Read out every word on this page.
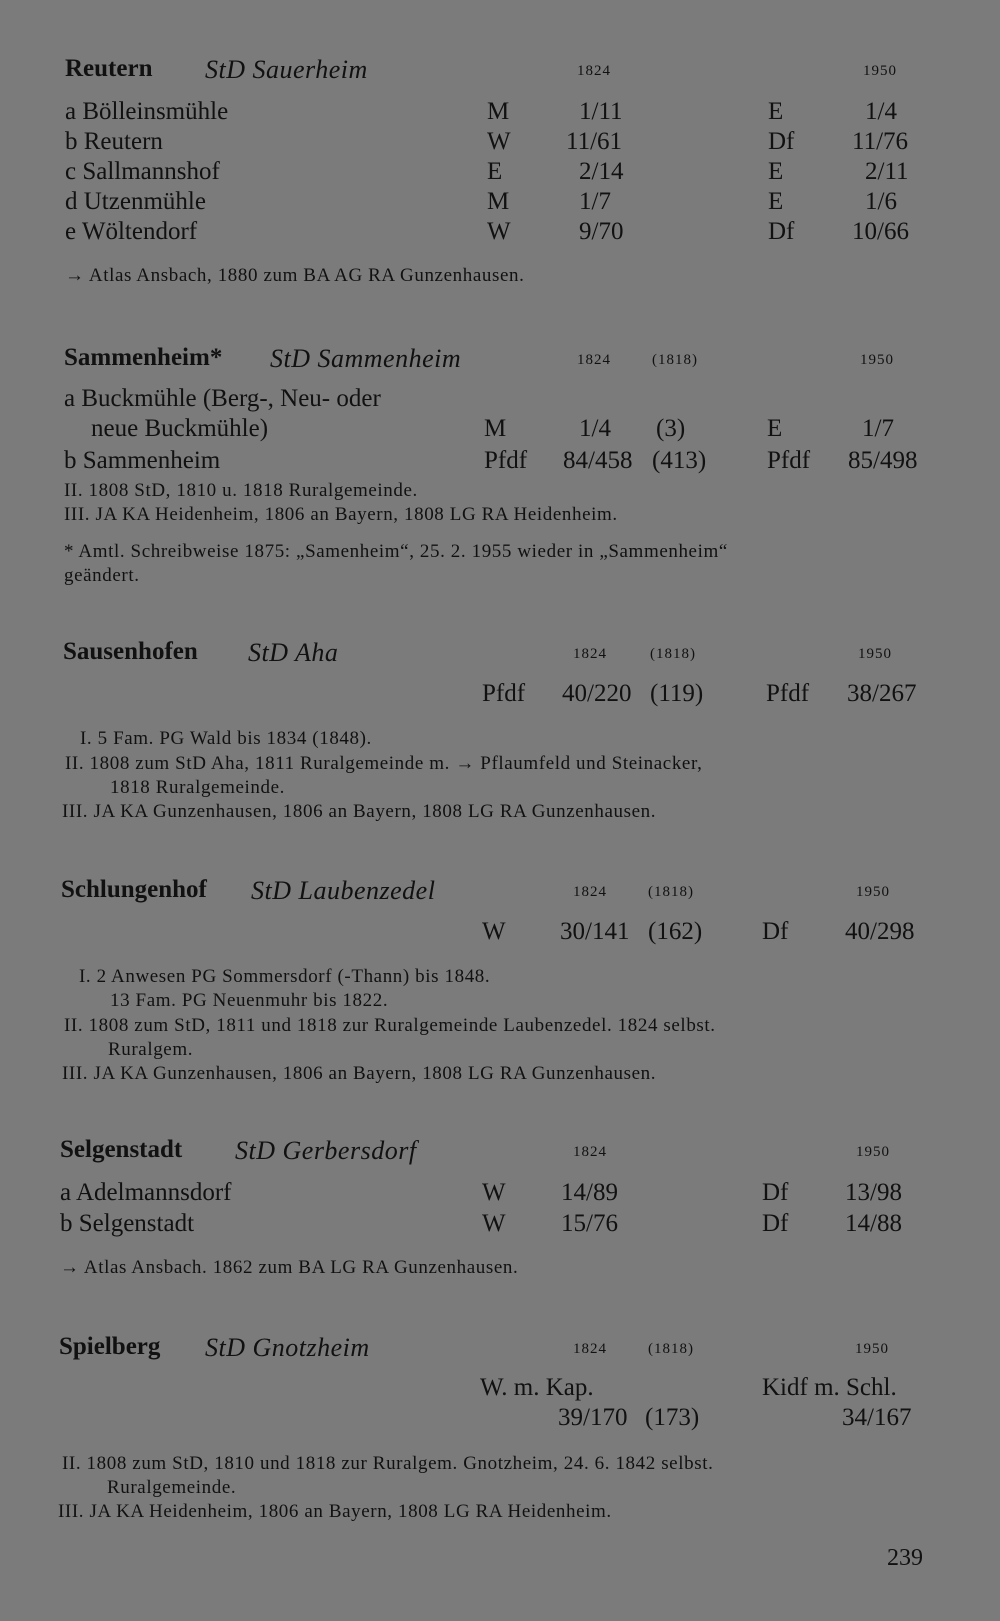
Reutern StD Sauerheim	1824	1950
a Bölleinsmühle	M	1/11	E	1/4
b Reutern	W 11/61	Df 11/76
c Sallmannshof	E	2/14	E	2/11
d Utzenmühle	M	1/7	E	1/6
e Wöltendorf	W	9/70	Df 10/66
→ Atlas Ansbach, 1880 zum BA AG RA Gunzenhausen.
Sammenheim* StD Sammenheim	1824	(1818)	1950
a Buckmühle (Berg-, Neu- oder
neue Buckmühle)	M	1/4 (3)	E	1/7
b Sammenheim	Pfdf 84/458 (413) Pfdf 85/498
II. 1808 StD, 1810 u. 1818 Ruralgemeinde.
III. JA KA Heidenheim, 1806 an Bayern, 1808 LG RA Heidenheim.
* Amtl. Schreibweise 1875: „Samenheim“, 25. 2. 1955 wieder in „Sammenheim“
geändert.
Sausenhofen StD Aha	1824	(1818)	1950
Pfdf 40/220 (119)	Pfdf 38/267
I. 5 Fam. PG Wald bis 1834 (1848).
II. 1808 zum StD Aha, 1811 Ruralgemeinde m. → Pflaumfeld und Steinacker,
1818 Ruralgemeinde.
III. JA KA Gunzenhausen, 1806 an Bayern, 1808 LG RA Gunzenhausen.
Schlungenhof StD Laubenzedel	1824	(1818)	1950
W 30/141 (162) Df 40/298
I. 2 Anwesen PG Sommersdorf (-Thann) bis 1848.
13 Fam. PG Neuenmuhr bis 1822.
II. 1808 zum StD, 1811 und 1818 zur Ruralgemeinde Laubenzedel. 1824 selbst.
Ruralgem.
III. JA KA Gunzenhausen, 1806 an Bayern, 1808 LG RA Gunzenhausen.
Selgenstadt StD Gerbersdorf	1824	1950
a Adelmannsdorf	W 14/89	Df 13/98
b Selgenstadt	W 15/76	Df 14/88
→ Atlas Ansbach. 1862 zum BA LG RA Gunzenhausen.
Spielberg StD Gnotzheim	1824	(1818)	1950
W. m. Kap.	Kidf m. Schl.
39/170 (173)	34/167
II. 1808 zum StD, 1810 und 1818 zur Ruralgem. Gnotzheim, 24. 6. 1842 selbst.
Ruralgemeinde.
III. JA KA Heidenheim, 1806 an Bayern, 1808 LG RA Heidenheim.
239
